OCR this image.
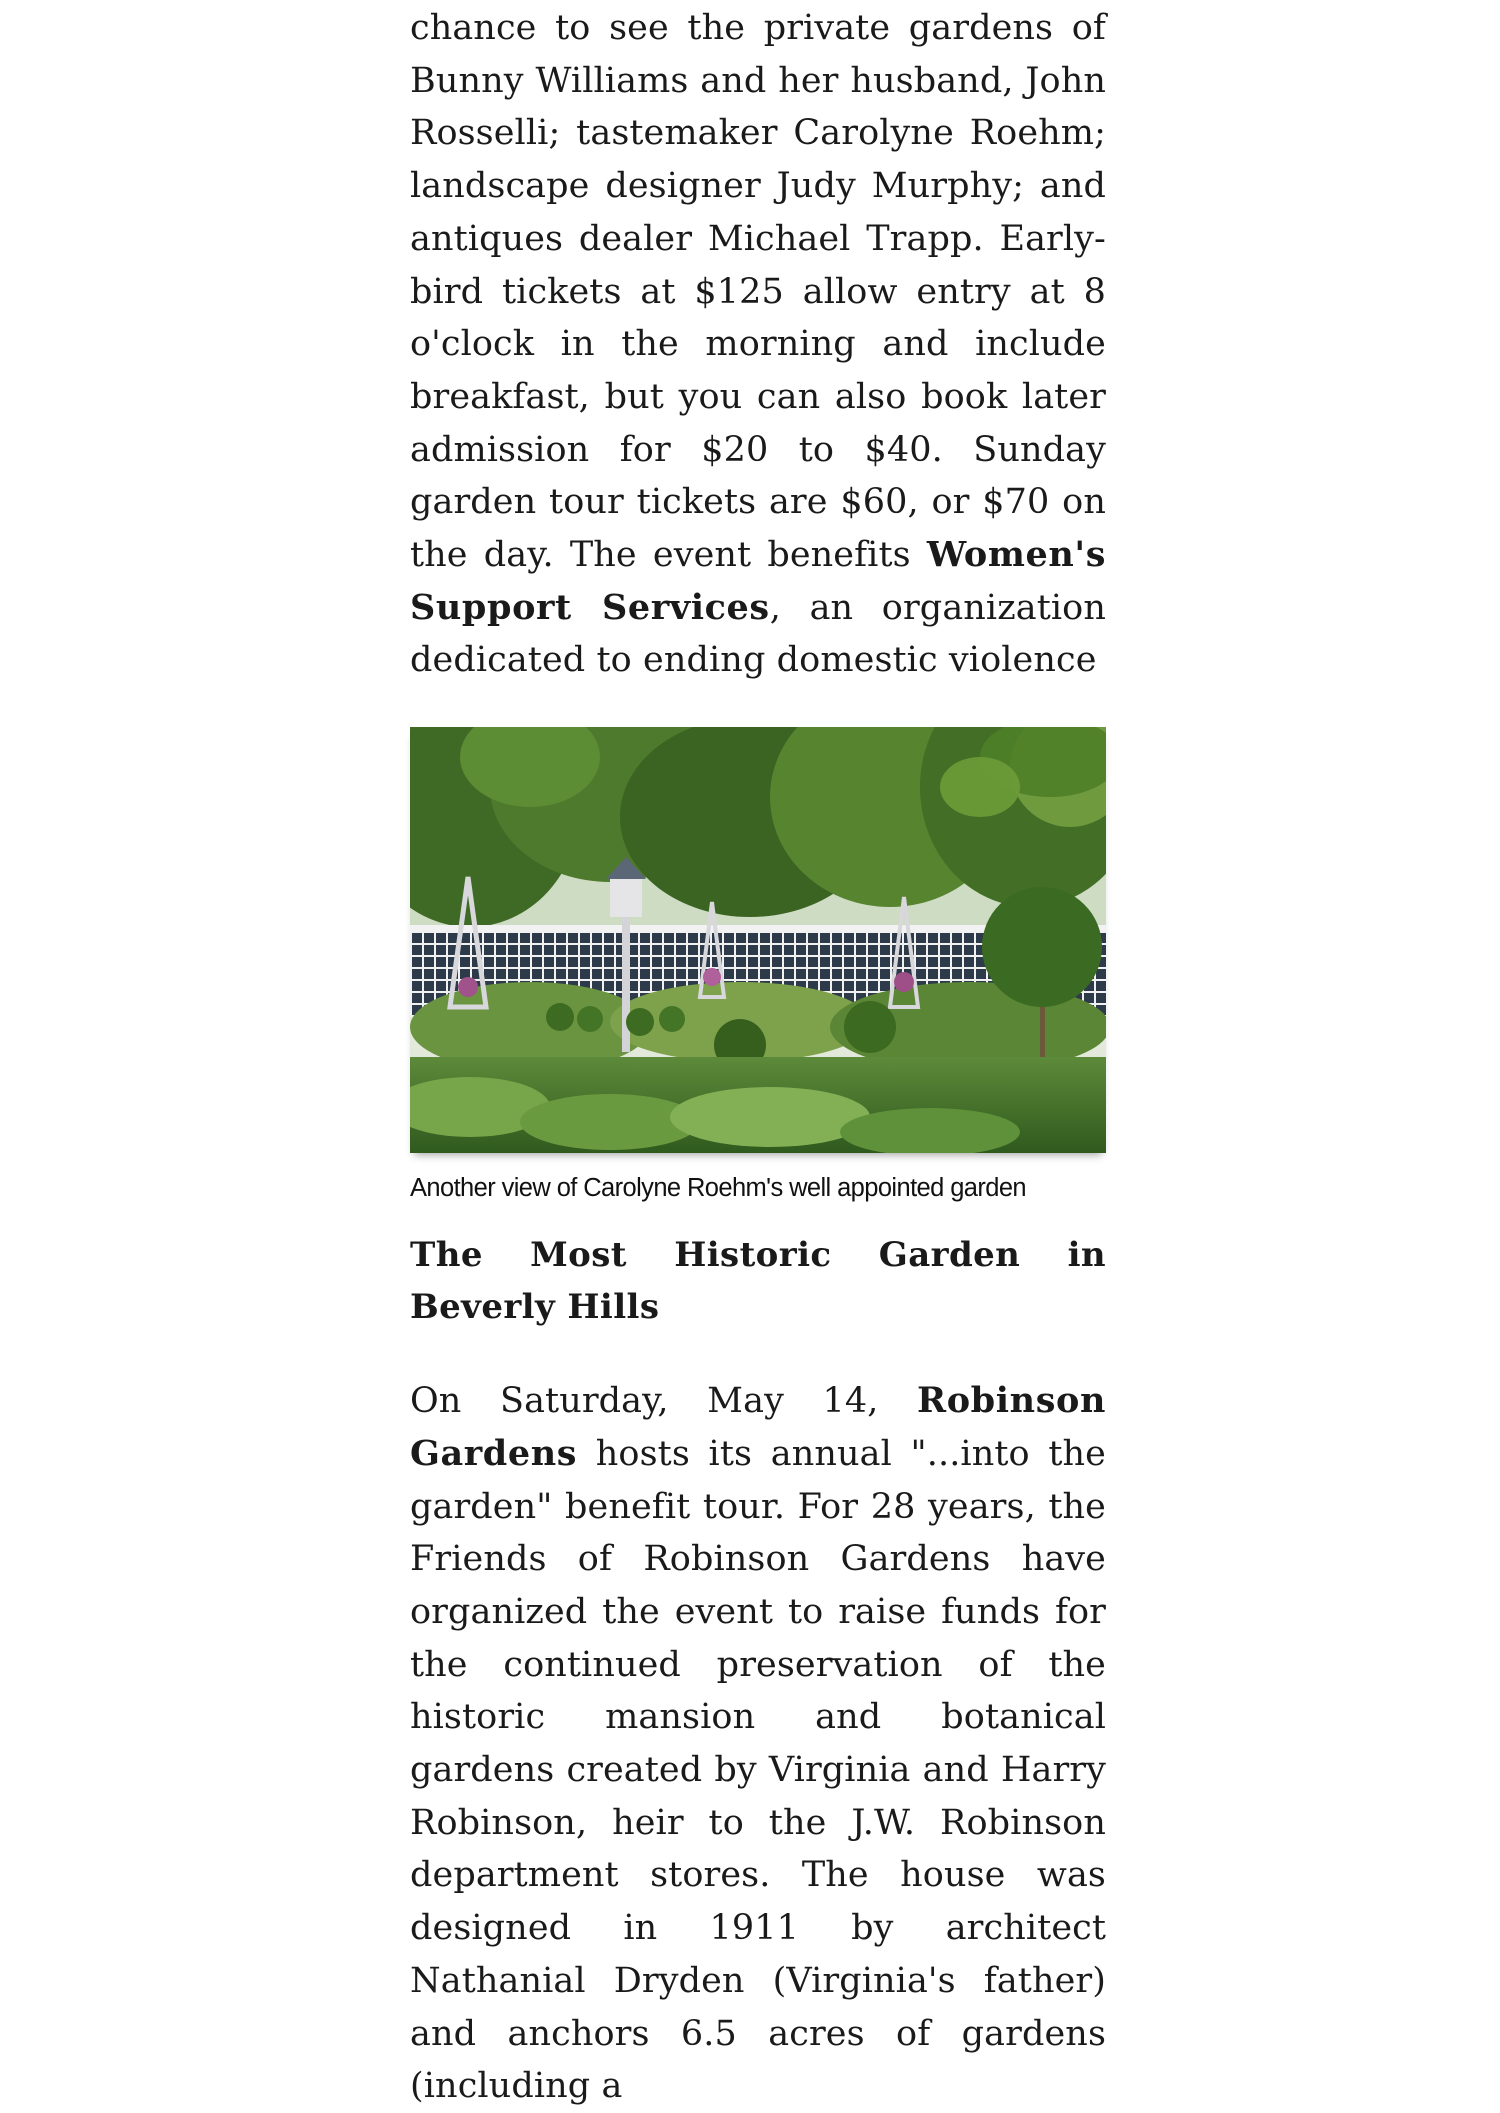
chance to see the private gardens of Bunny Williams and her husband, John Rosselli; tastemaker Carolyne Roehm; landscape designer Judy Murphy; and antiques dealer Michael Trapp. Early-bird tickets at $125 allow entry at 8 o'clock in the morning and include breakfast, but you can also book later admission for $20 to $40. Sunday garden tour tickets are $60, or $70 on the day. The event benefits Women's Support Services, an organization dedicated to ending domestic violence

Another view of Carolyne Roehm's well appointed garden
The Most Historic Garden in Beverly Hills

On Saturday, May 14, Robinson Gardens hosts its annual "...into the garden" benefit tour. For 28 years, the Friends of Robinson Gardens have organized the event to raise funds for the continued preservation of the historic mansion and botanical gardens created by Virginia and Harry Robinson, heir to the J.W. Robinson department stores. The house was designed in 1911 by architect Nathanial Dryden (Virginia's father) and anchors 6.5 acres of gardens (including a
